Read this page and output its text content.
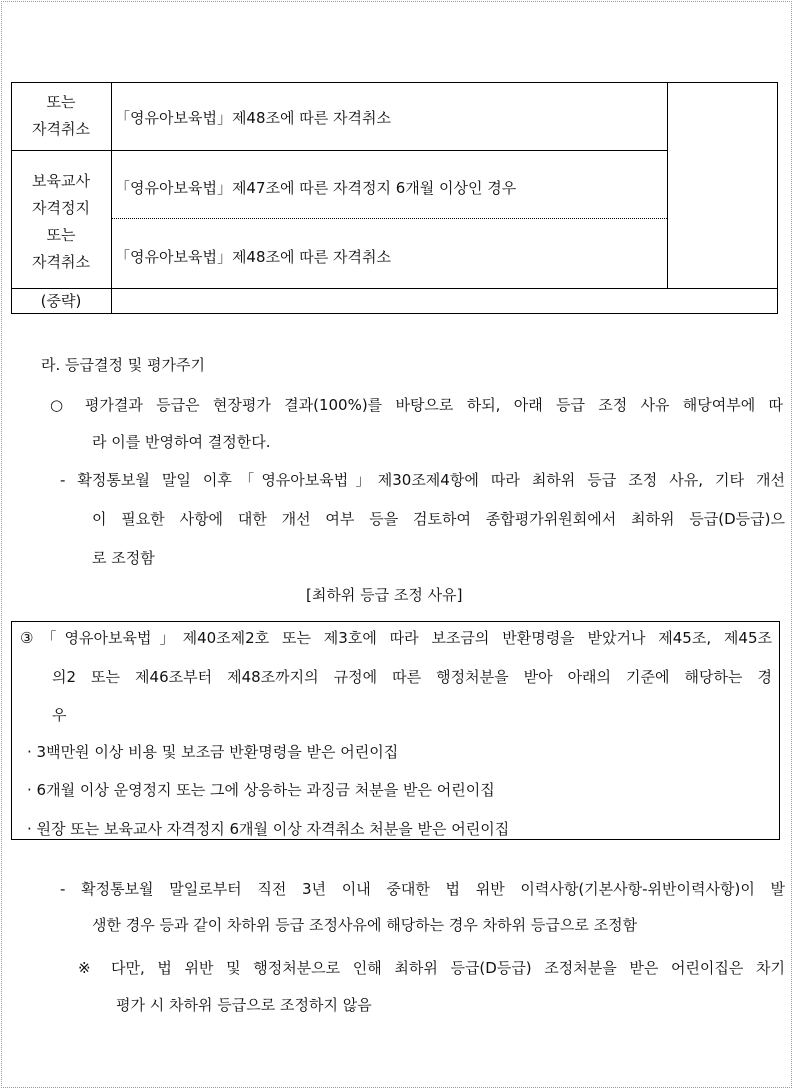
또는
자격취소
「영유아보육법」제48조에 따른 자격취소
보육교사
자격정지
또는
자격취소
「영유아보육법」제47조에 따른 자격정지 6개월 이상인 경우
「영유아보육법」제48조에 따른 자격취소
(중략)
라. 등급결정 및 평가주기
○ 평가결과 등급은 현장평가 결과(100%)를 바탕으로 하되, 아래 등급 조정 사유 해당여부에 따
라 이를 반영하여 결정한다.
- 확정통보월 말일 이후「영유아보육법」제30조제4항에 따라 최하위 등급 조정 사유, 기타 개선
이 필요한 사항에 대한 개선 여부 등을 검토하여 종합평가위원회에서 최하위 등급(D등급)으
로 조정함
[최하위 등급 조정 사유]
③「영유아보육법」제40조제2호 또는 제3호에 따라 보조금의 반환명령을 받았거나 제45조, 제45조
의2 또는 제46조부터 제48조까지의 규정에 따른 행정처분을 받아 아래의 기준에 해당하는 경
우
· 3백만원 이상 비용 및 보조금 반환명령을 받은 어린이집
· 6개월 이상 운영정지 또는 그에 상응하는 과징금 처분을 받은 어린이집
· 원장 또는 보육교사 자격정지 6개월 이상 자격취소 처분을 받은 어린이집
- 확정통보월 말일로부터 직전 3년 이내 중대한 법 위반 이력사항(기본사항-위반이력사항)이 발
생한 경우 등과 같이 차하위 등급 조정사유에 해당하는 경우 차하위 등급으로 조정함
※ 다만, 법 위반 및 행정처분으로 인해 최하위 등급(D등급) 조정처분을 받은 어린이집은 차기
평가 시 차하위 등급으로 조정하지 않음
